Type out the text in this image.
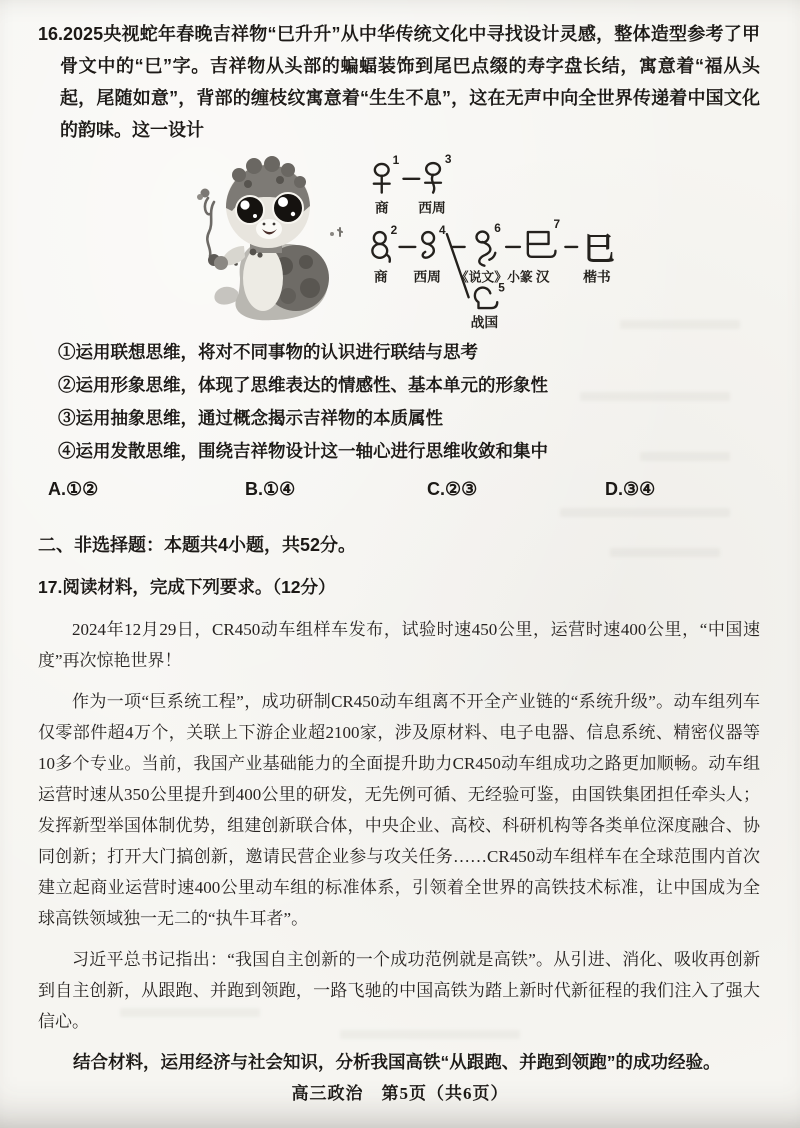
16.2025央视蛇年春晚吉祥物“巳升升”从中华传统文化中寻找设计灵感，整体造型参考了甲骨文中的“巳”字。吉祥物从头部的蝙蝠装饰到尾巴点缀的寿字盘长结，寓意着“福从头起，尾随如意”，背部的缠枝纹寓意着“生生不息”，这在无声中向全世界传递着中国文化的韵味。这一设计
1	3
商 西周
2	4	6	7
巳
商 西周 《说文》小篆 汉 楷书
5
战国
①运用联想思维，将对不同事物的认识进行联结与思考
②运用形象思维，体现了思维表达的情感性、基本单元的形象性
③运用抽象思维，通过概念揭示吉祥物的本质属性
④运用发散思维，围绕吉祥物设计这一轴心进行思维收敛和集中
A.①②	B.①④	C.②③	D.③④
二、非选择题：本题共4小题，共52分。
17.阅读材料，完成下列要求。（12分）

2024年12月29日，CR450动车组样车发布，试验时速450公里，运营时速400公里，“中国速度”再次惊艳世界！

作为一项“巨系统工程”，成功研制CR450动车组离不开全产业链的“系统升级”。动车组列车仅零部件超4万个，关联上下游企业超2100家，涉及原材料、电子电器、信息系统、精密仪器等10多个专业。当前，我国产业基础能力的全面提升助力CR450动车组成功之路更加顺畅。动车组运营时速从350公里提升到400公里的研发，无先例可循、无经验可鉴，由国铁集团担任牵头人；发挥新型举国体制优势，组建创新联合体，中央企业、高校、科研机构等各类单位深度融合、协同创新；打开大门搞创新，邀请民营企业参与攻关任务……CR450动车组样车在全球范围内首次建立起商业运营时速400公里动车组的标准体系，引领着全世界的高铁技术标准，让中国成为全球高铁领域独一无二的“执牛耳者”。

习近平总书记指出：“我国自主创新的一个成功范例就是高铁”。从引进、消化、吸收再创新到自主创新，从跟跑、并跑到领跑，一路飞驰的中国高铁为踏上新时代新征程的我们注入了强大信心。

结合材料，运用经济与社会知识，分析我国高铁“从跟跑、并跑到领跑”的成功经验。
高三政治　第5页（共6页）
